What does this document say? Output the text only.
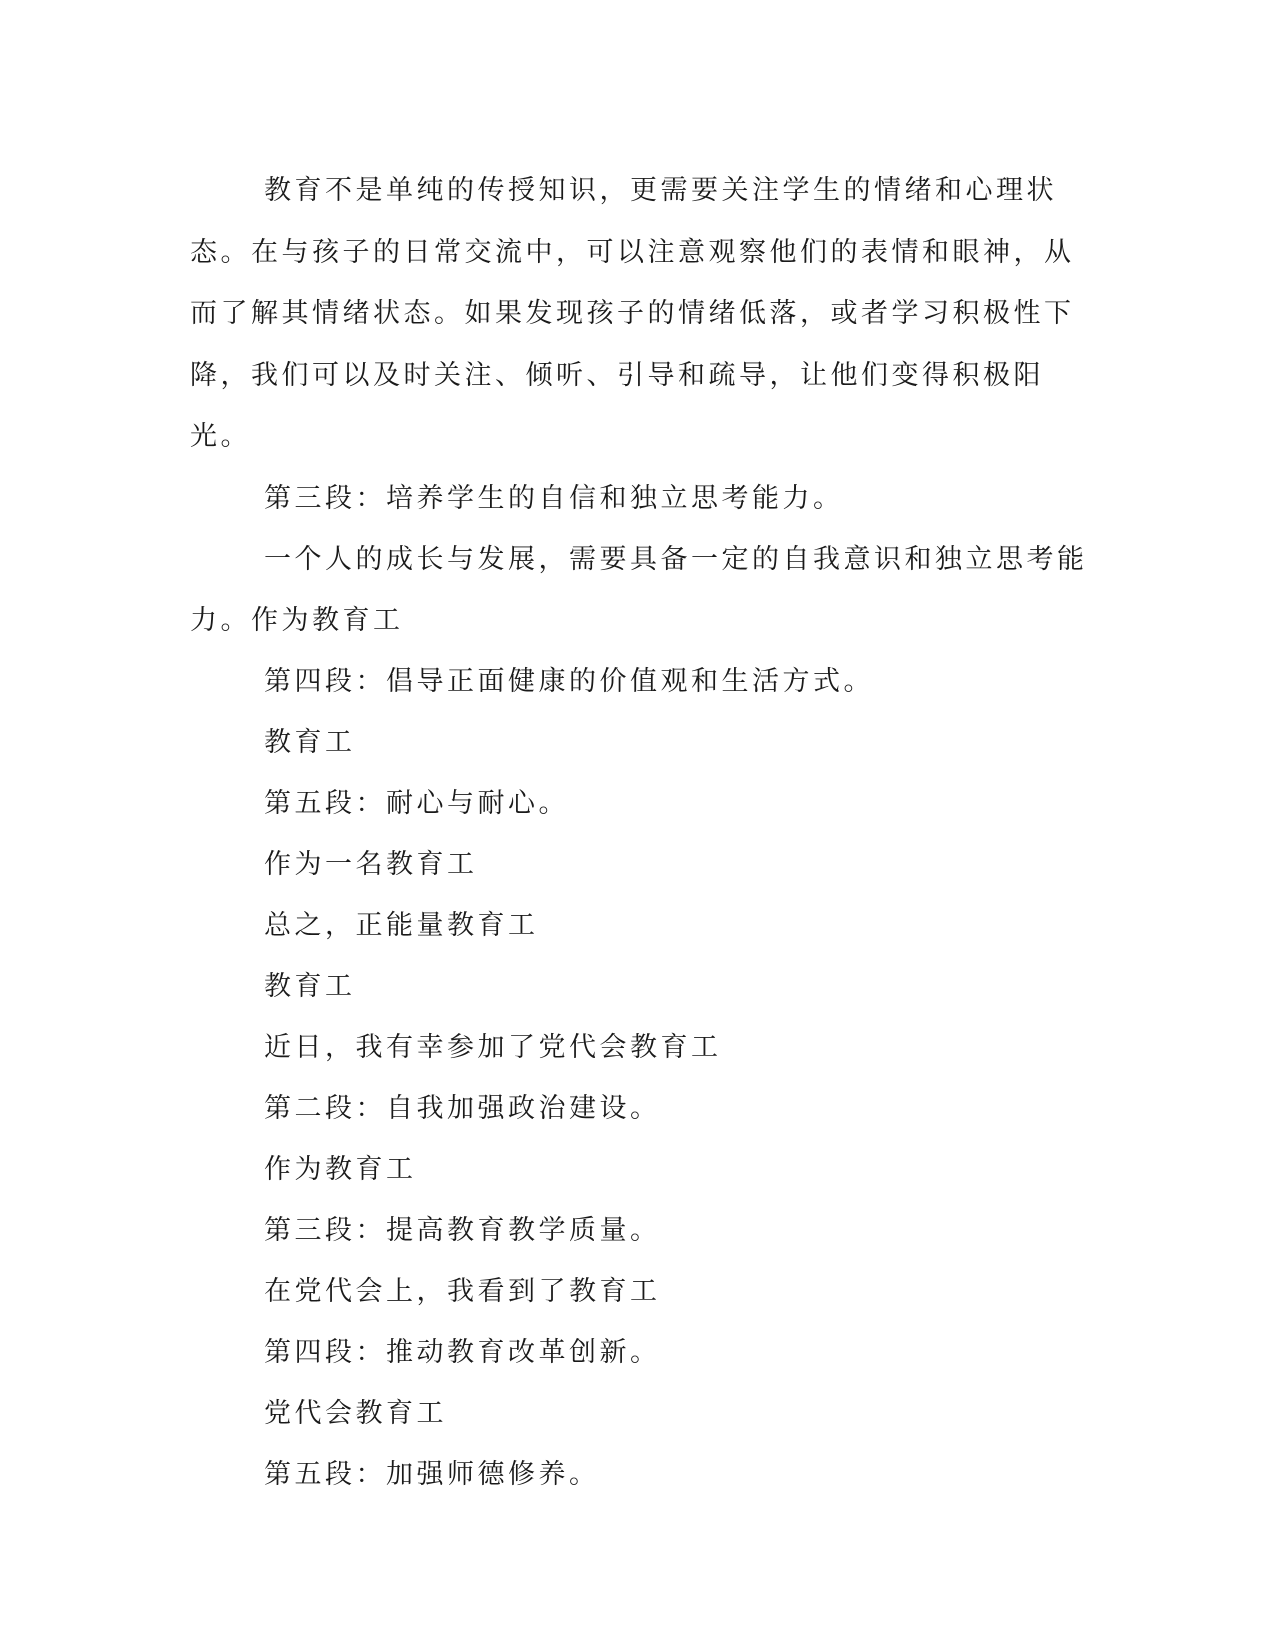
教育不是单纯的传授知识，更需要关注学生的情绪和心理状态。在与孩子的日常交流中，可以注意观察他们的表情和眼神，从而了解其情绪状态。如果发现孩子的情绪低落，或者学习积极性下降，我们可以及时关注、倾听、引导和疏导，让他们变得积极阳光。

第三段：培养学生的自信和独立思考能力。

一个人的成长与发展，需要具备一定的自我意识和独立思考能力。作为教育工

第四段：倡导正面健康的价值观和生活方式。

教育工

第五段：耐心与耐心。

作为一名教育工

总之，正能量教育工

教育工

近日，我有幸参加了党代会教育工

第二段：自我加强政治建设。

作为教育工

第三段：提高教育教学质量。

在党代会上，我看到了教育工

第四段：推动教育改革创新。

党代会教育工

第五段：加强师德修养。
